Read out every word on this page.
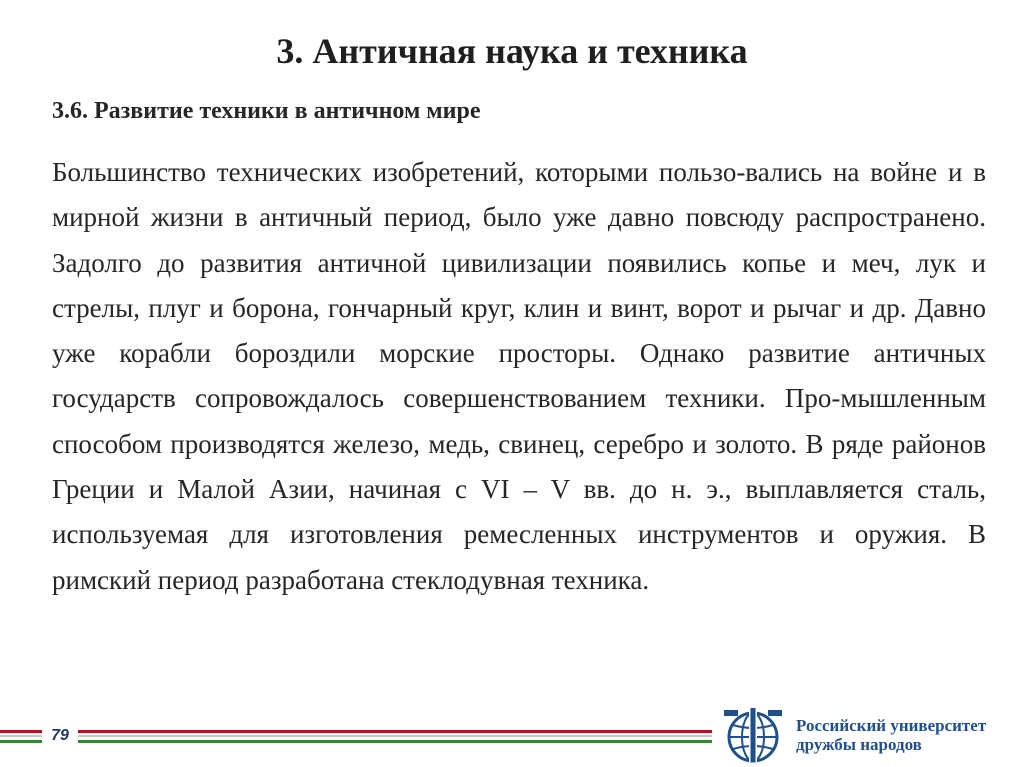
3. Античная наука и техника
3.6. Развитие техники в античном мире
Большинство технических изобретений, которыми пользо-вались на войне и в мирной жизни в античный период, было уже давно повсюду распространено. Задолго до развития античной цивилизации появились копье и меч, лук и стрелы, плуг и борона, гончарный круг, клин и винт, ворот и рычаг и др. Давно уже корабли бороздили морские просторы. Однако развитие античных государств сопровождалось совершенствованием техники. Про-мышленным способом производятся железо, медь, свинец, серебро и золото. В ряде районов Греции и Малой Азии, начиная с VI – V вв. до н. э., выплавляется сталь, используемая для изготовления ремесленных инструментов и оружия. В римский период разработана стеклодувная техника.
79
Российский университет
дружбы народов
